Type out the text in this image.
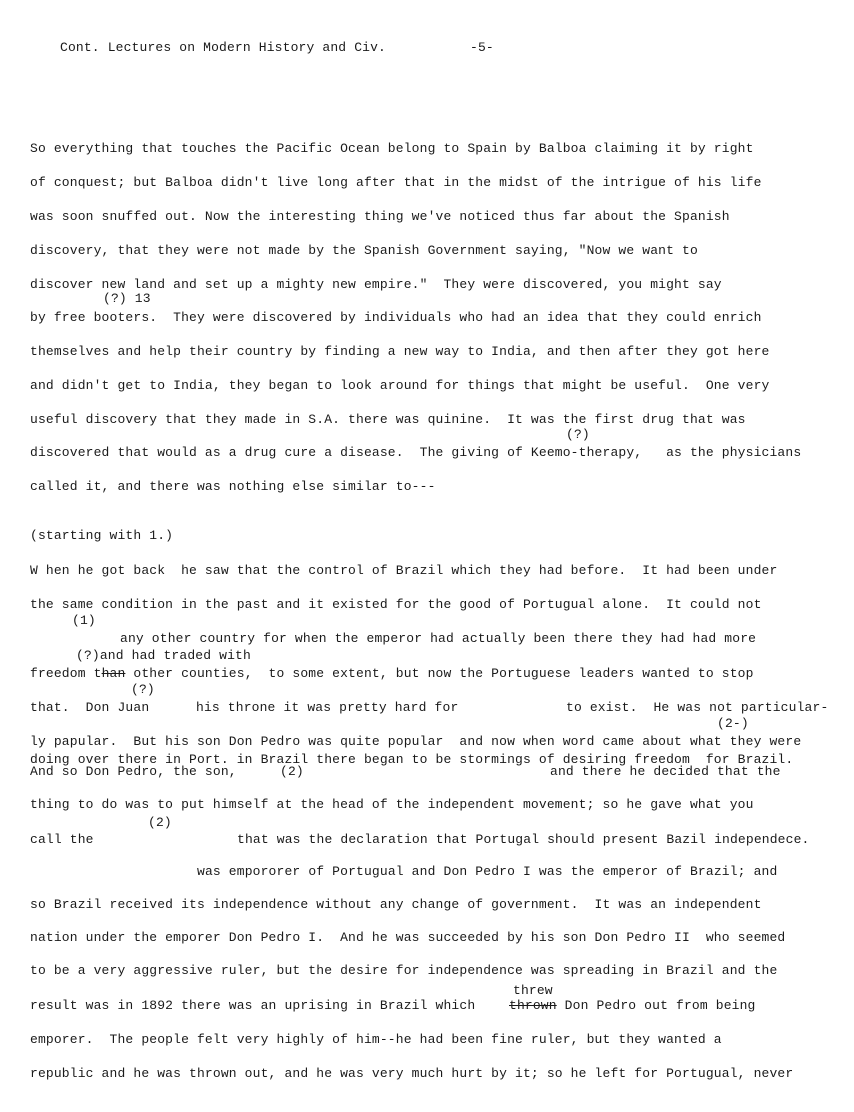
Cont. Lectures on Modern History and Civ.	-5-
So everything that touches the Pacific Ocean belong to Spain by Balboa claiming it by right
of conquest; but Balboa didn't live long after that in the midst of the intrigue of his life
was soon snuffed out. Now the interesting thing we've noticed thus far about the Spanish
discovery, that they were not made by the Spanish Government saying, "Now we want to
discover new land and set up a mighty new empire."  They were discovered, you might say
(?) 13
by free booters.  They were discovered by individuals who had an idea that they could enrich
themselves and help their country by finding a new way to India, and then after they got here
and didn't get to India, they began to look around for things that might be useful.  One very
useful discovery that they made in S.A. there was quinine.  It was the first drug that was
(?)
discovered that would as a drug cure a disease.  The giving of Keemo-therapy,   as the physicians
called it, and there was nothing else similar to---
(starting with 1.)
W hen he got back  he saw that the control of Brazil which they had before.  It had been under
the same condition in the past and it existed for the good of Portugual alone.  It could not
(1)
any other country for when the emperor had actually been there they had had more
(?)and had traded with
freedom than other counties,  to some extent, but now the Portuguese leaders wanted to stop
(?)
that.  Don Juan	his throne it was pretty hard for	to exist.  He was not particular-
(2-)
ly papular.  But his son Don Pedro was quite popular  and now when word came about what they were
doing over there in Port. in Brazil there began to be stormings of desiring freedom  for Brazil.
And so Don Pedro, the son,	(2)	and there he decided that the
thing to do was to put himself at the head of the independent movement; so he gave what you
(2)
call the	that was the declaration that Portugal should present Bazil independece.
was empororer of Portugual and Don Pedro I was the emperor of Brazil; and
so Brazil received its independence without any change of government.  It was an independent
nation under the emporer Don Pedro I.  And he was succeeded by his son Don Pedro II  who seemed
to be a very aggressive ruler, but the desire for independence was spreading in Brazil and the
threw
result was in 1892 there was an uprising in Brazil which	thrown Don Pedro out from being
emporer.  The people felt very highly of him--he had been fine ruler, but they wanted a
republic and he was thrown out, and he was very much hurt by it; so he left for Portugual, never
